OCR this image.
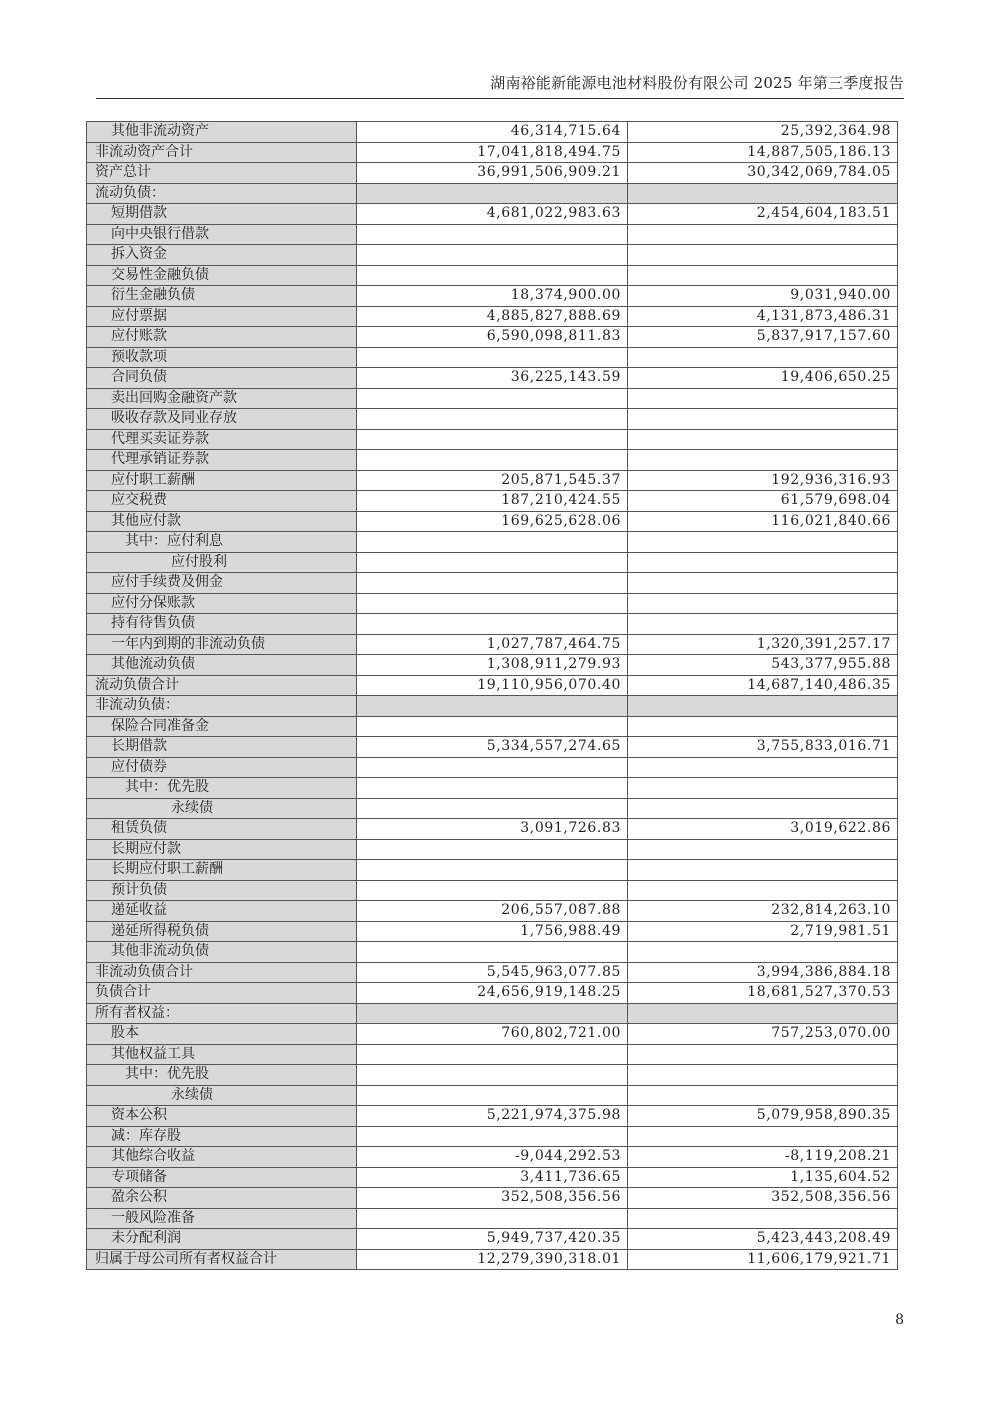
湖南裕能新能源电池材料股份有限公司 2025 年第三季度报告
其他非流动资产	46,314,715.64	25,392,364.98
非流动资产合计	17,041,818,494.75	14,887,505,186.13
资产总计	36,991,506,909.21	30,342,069,784.05
流动负债：		
短期借款	4,681,022,983.63	2,454,604,183.51
向中央银行借款		
拆入资金		
交易性金融负债		
衍生金融负债	18,374,900.00	9,031,940.00
应付票据	4,885,827,888.69	4,131,873,486.31
应付账款	6,590,098,811.83	5,837,917,157.60
预收款项		
合同负债	36,225,143.59	19,406,650.25
卖出回购金融资产款		
吸收存款及同业存放		
代理买卖证券款		
代理承销证券款		
应付职工薪酬	205,871,545.37	192,936,316.93
应交税费	187,210,424.55	61,579,698.04
其他应付款	169,625,628.06	116,021,840.66
其中：应付利息		
应付股利		
应付手续费及佣金		
应付分保账款		
持有待售负债		
一年内到期的非流动负债	1,027,787,464.75	1,320,391,257.17
其他流动负债	1,308,911,279.93	543,377,955.88
流动负债合计	19,110,956,070.40	14,687,140,486.35
非流动负债：		
保险合同准备金		
长期借款	5,334,557,274.65	3,755,833,016.71
应付债券		
其中：优先股		
永续债		
租赁负债	3,091,726.83	3,019,622.86
长期应付款		
长期应付职工薪酬		
预计负债		
递延收益	206,557,087.88	232,814,263.10
递延所得税负债	1,756,988.49	2,719,981.51
其他非流动负债		
非流动负债合计	5,545,963,077.85	3,994,386,884.18
负债合计	24,656,919,148.25	18,681,527,370.53
所有者权益：		
股本	760,802,721.00	757,253,070.00
其他权益工具		
其中：优先股		
永续债		
资本公积	5,221,974,375.98	5,079,958,890.35
减：库存股		
其他综合收益	-9,044,292.53	-8,119,208.21
专项储备	3,411,736.65	1,135,604.52
盈余公积	352,508,356.56	352,508,356.56
一般风险准备		
未分配利润	5,949,737,420.35	5,423,443,208.49
归属于母公司所有者权益合计	12,279,390,318.01	11,606,179,921.71
8
